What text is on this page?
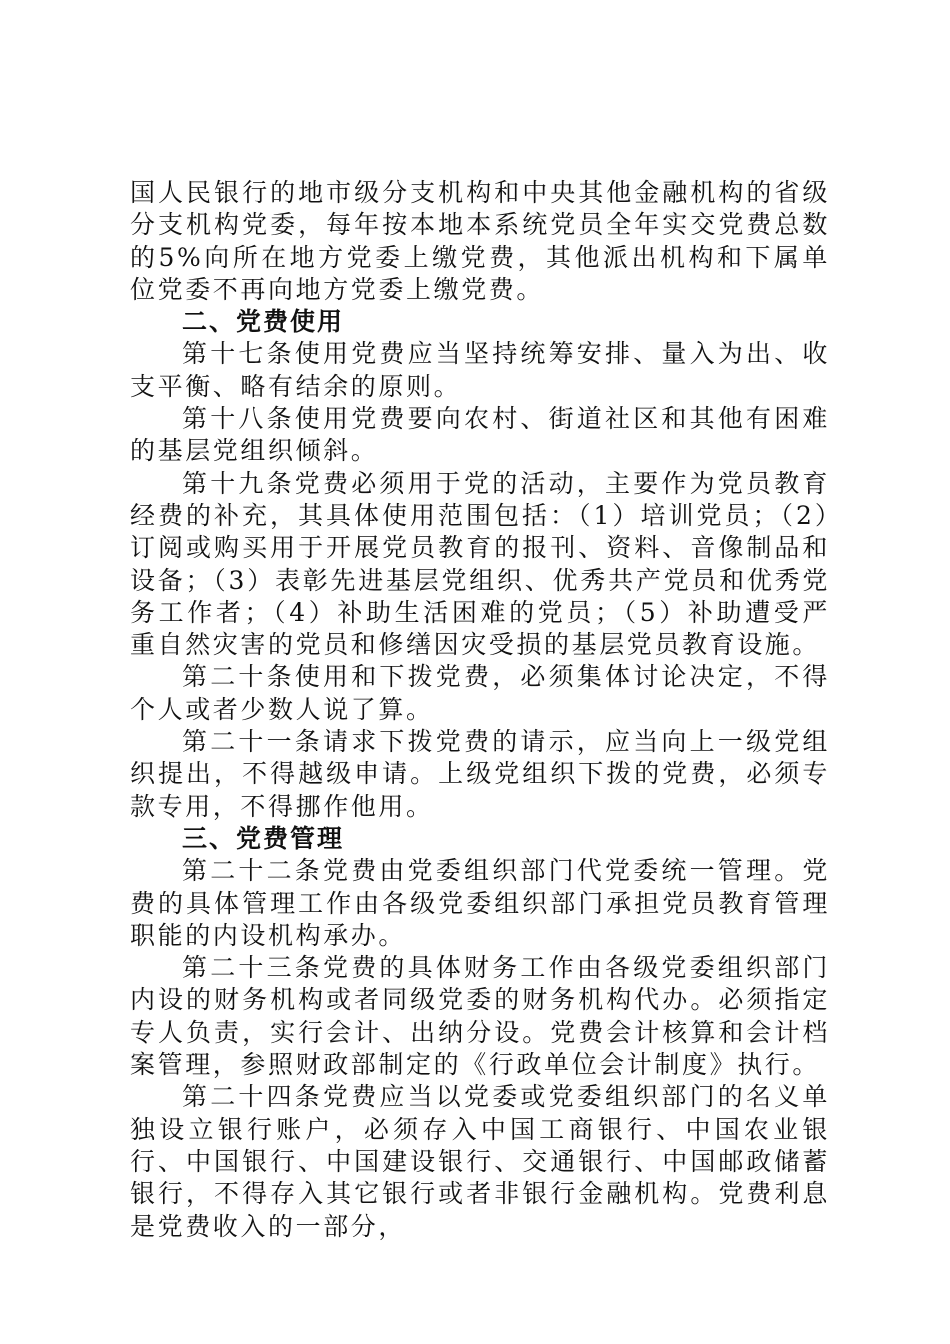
国人民银行的地市级分支机构和中央其他金融机构的省级分支机构党委，每年按本地本系统党员全年实交党费总数的5%向所在地方党委上缴党费，其他派出机构和下属单位党委不再向地方党委上缴党费。

二、党费使用

第十七条使用党费应当坚持统筹安排、量入为出、收支平衡、略有结余的原则。

第十八条使用党费要向农村、街道社区和其他有困难的基层党组织倾斜。

第十九条党费必须用于党的活动，主要作为党员教育经费的补充，其具体使用范围包括：（1）培训党员；（2）订阅或购买用于开展党员教育的报刊、资料、音像制品和设备；（3）表彰先进基层党组织、优秀共产党员和优秀党务工作者；（4）补助生活困难的党员；（5）补助遭受严重自然灾害的党员和修缮因灾受损的基层党员教育设施。

第二十条使用和下拨党费，必须集体讨论决定，不得个人或者少数人说了算。

第二十一条请求下拨党费的请示，应当向上一级党组织提出，不得越级申请。上级党组织下拨的党费，必须专款专用，不得挪作他用。

三、党费管理

第二十二条党费由党委组织部门代党委统一管理。党费的具体管理工作由各级党委组织部门承担党员教育管理职能的内设机构承办。

第二十三条党费的具体财务工作由各级党委组织部门内设的财务机构或者同级党委的财务机构代办。必须指定专人负责，实行会计、出纳分设。党费会计核算和会计档案管理，参照财政部制定的《行政单位会计制度》执行。

第二十四条党费应当以党委或党委组织部门的名义单独设立银行账户，必须存入中国工商银行、中国农业银行、中国银行、中国建设银行、交通银行、中国邮政储蓄银行，不得存入其它银行或者非银行金融机构。党费利息是党费收入的一部分，
